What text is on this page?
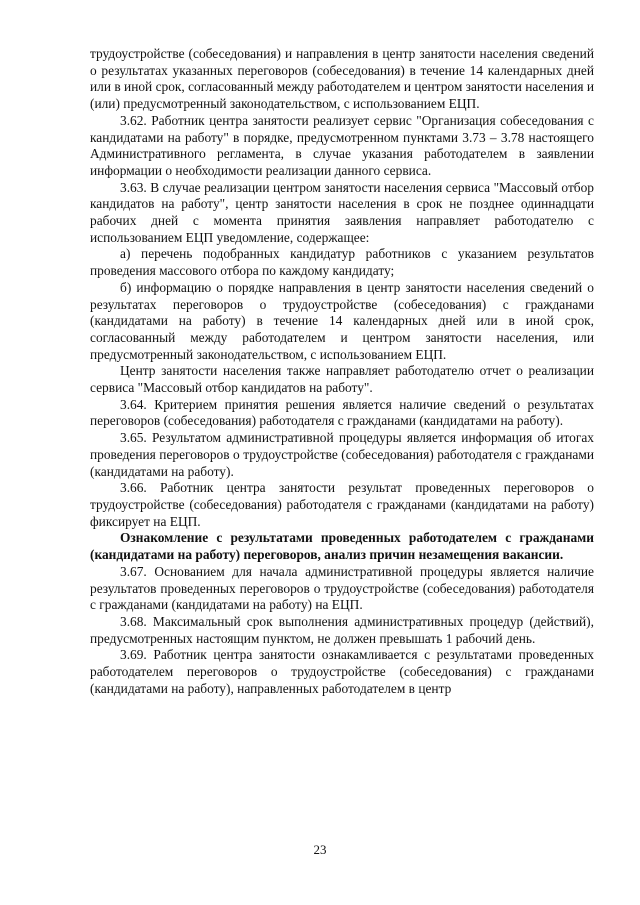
трудоустройстве (собеседования) и направления в центр занятости населения сведений о результатах указанных переговоров (собеседования) в течение 14 календарных дней или в иной срок, согласованный между работодателем и центром занятости населения и (или) предусмотренный законодательством, с использованием ЕЦП.

3.62. Работник центра занятости реализует сервис "Организация собеседования с кандидатами на работу" в порядке, предусмотренном пунктами 3.73 – 3.78 настоящего Административного регламента, в случае указания работодателем в заявлении информации о необходимости реализации данного сервиса.

3.63. В случае реализации центром занятости населения сервиса "Массовый отбор кандидатов на работу", центр занятости населения в срок не позднее одиннадцати рабочих дней с момента принятия заявления направляет работодателю с использованием ЕЦП уведомление, содержащее:

а) перечень подобранных кандидатур работников с указанием результатов проведения массового отбора по каждому кандидату;

б) информацию о порядке направления в центр занятости населения сведений о результатах переговоров о трудоустройстве (собеседования) с гражданами (кандидатами на работу) в течение 14 календарных дней или в иной срок, согласованный между работодателем и центром занятости населения, или предусмотренный законодательством, с использованием ЕЦП.

Центр занятости населения также направляет работодателю отчет о реализации сервиса "Массовый отбор кандидатов на работу".

3.64. Критерием принятия решения является наличие сведений о результатах переговоров (собеседования) работодателя с гражданами (кандидатами на работу).

3.65. Результатом административной процедуры является информация об итогах проведения переговоров о трудоустройстве (собеседования) работодателя с гражданами (кандидатами на работу).

3.66. Работник центра занятости результат проведенных переговоров о трудоустройстве (собеседования) работодателя с гражданами (кандидатами на работу) фиксирует на ЕЦП.

Ознакомление с результатами проведенных работодателем с гражданами (кандидатами на работу) переговоров, анализ причин незамещения вакансии.

3.67. Основанием для начала административной процедуры является наличие результатов проведенных переговоров о трудоустройстве (собеседования) работодателя с гражданами (кандидатами на работу) на ЕЦП.

3.68. Максимальный срок выполнения административных процедур (действий), предусмотренных настоящим пунктом, не должен превышать 1 рабочий день.

3.69. Работник центра занятости ознакамливается с результатами проведенных работодателем переговоров о трудоустройстве (собеседования) с гражданами (кандидатами на работу), направленных работодателем в центр

23
